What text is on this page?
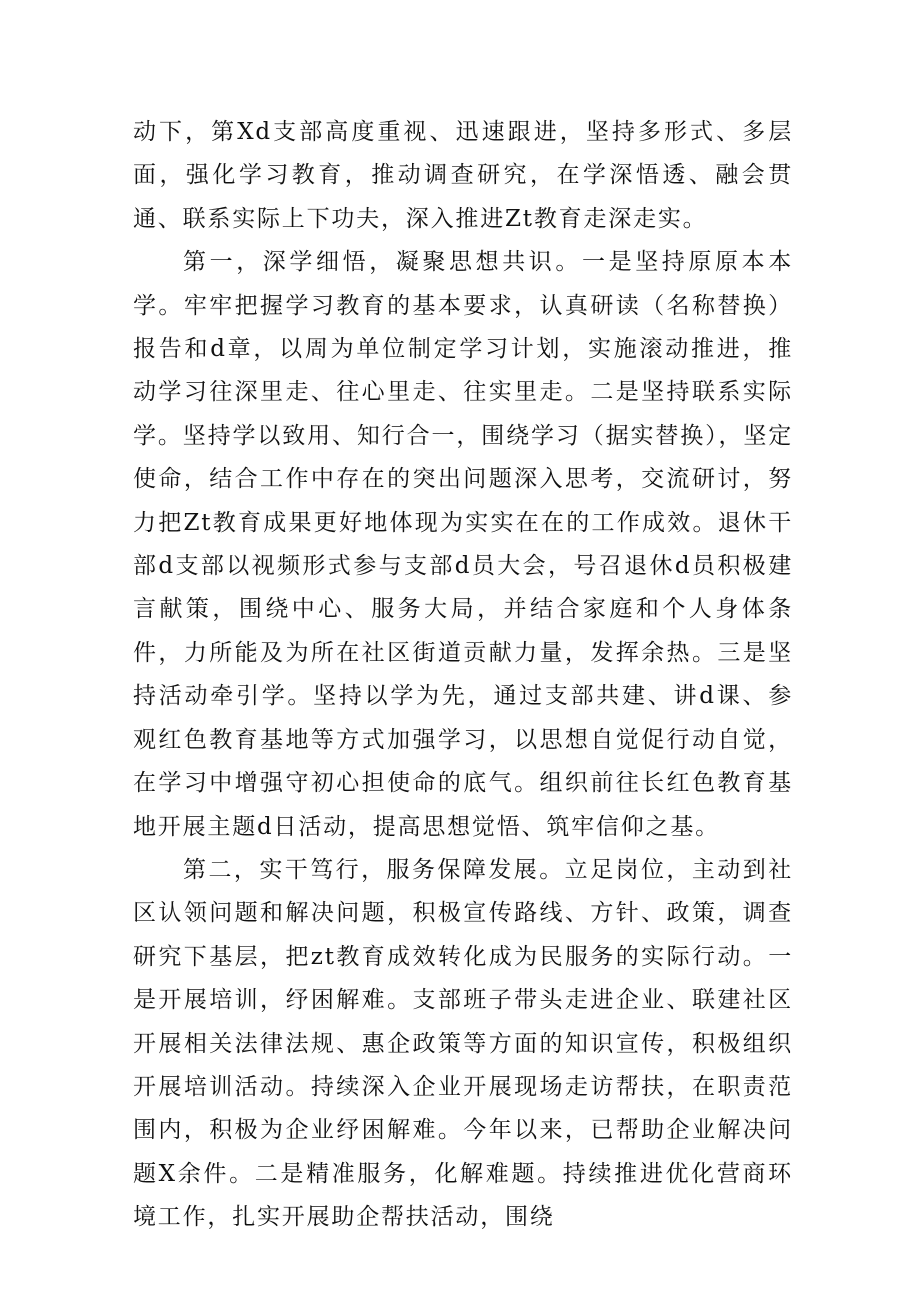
动下，第Xd支部高度重视、迅速跟进，坚持多形式、多层面，强化学习教育，推动调查研究，在学深悟透、融会贯通、联系实际上下功夫，深入推进Zt教育走深走实。

第一，深学细悟，凝聚思想共识。一是坚持原原本本学。牢牢把握学习教育的基本要求，认真研读（名称替换）报告和d章，以周为单位制定学习计划，实施滚动推进，推动学习往深里走、往心里走、往实里走。二是坚持联系实际学。坚持学以致用、知行合一，围绕学习（据实替换），坚定使命，结合工作中存在的突出问题深入思考，交流研讨，努力把Zt教育成果更好地体现为实实在在的工作成效。退休干部d支部以视频形式参与支部d员大会，号召退休d员积极建言献策，围绕中心、服务大局，并结合家庭和个人身体条件，力所能及为所在社区街道贡献力量，发挥余热。三是坚持活动牵引学。坚持以学为先，通过支部共建、讲d课、参观红色教育基地等方式加强学习，以思想自觉促行动自觉，在学习中增强守初心担使命的底气。组织前往长红色教育基地开展主题d日活动，提高思想觉悟、筑牢信仰之基。

第二，实干笃行，服务保障发展。立足岗位，主动到社区认领问题和解决问题，积极宣传路线、方针、政策，调查研究下基层，把zt教育成效转化成为民服务的实际行动。一是开展培训，纾困解难。支部班子带头走进企业、联建社区开展相关法律法规、惠企政策等方面的知识宣传，积极组织开展培训活动。持续深入企业开展现场走访帮扶，在职责范围内，积极为企业纾困解难。今年以来，已帮助企业解决问题X余件。二是精准服务，化解难题。持续推进优化营商环境工作，扎实开展助企帮扶活动，围绕
